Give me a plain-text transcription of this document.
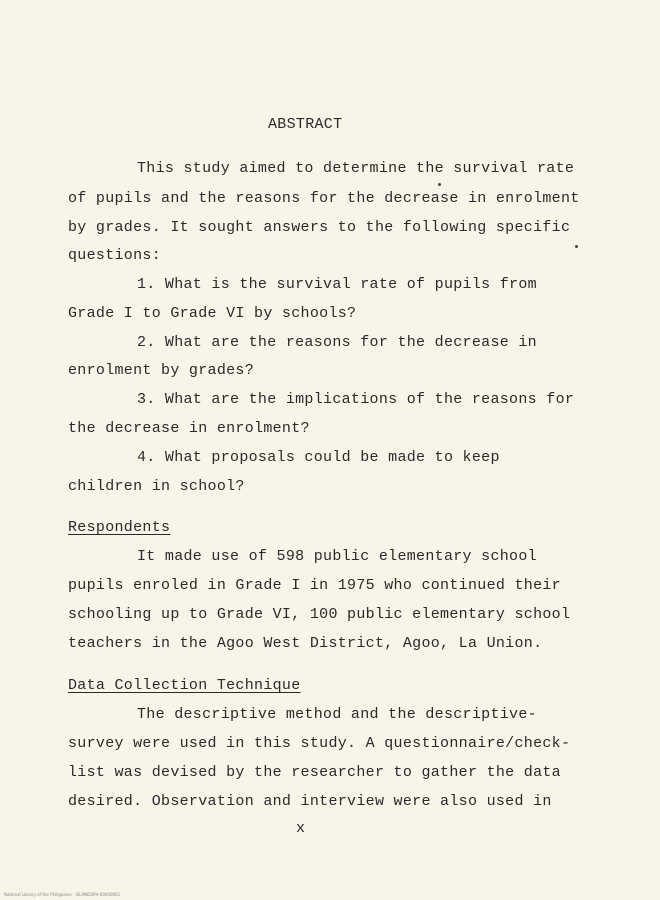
ABSTRACT
This study aimed to determine the survival rate
of pupils and the reasons for the decrease in enrolment
by grades. It sought answers to the following specific
questions:
1. What is the survival rate of pupils from
Grade I to Grade VI by schools?
2. What are the reasons for the decrease in
enrolment by grades?
3. What are the implications of the reasons for
the decrease in enrolment?
4. What proposals could be made to keep
children in school?
Respondents
It made use of 598 public elementary school
pupils enroled in Grade I in 1975 who continued their
schooling up to Grade VI, 100 public elementary school
teachers in the Agoo West District, Agoo, La Union.
Data Collection Technique
The descriptive method and the descriptive-
survey were used in this study. A questionnaire/check-
list was devised by the researcher to gather the data
desired. Observation and interview were also used in
x
National Library of the Philippines · ISLANDSPH-00000001
